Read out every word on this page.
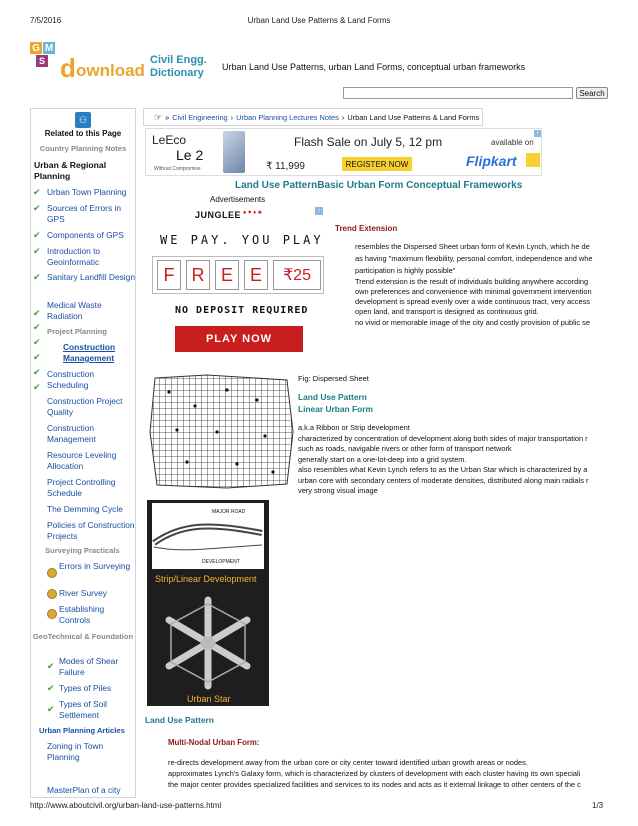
7/5/2016	Urban Land Use Patterns & Land Forms
G M
S d ownload
Civil Engg.
Dictionary Urban Land Use Patterns, urban Land Forms, conceptual urban frameworks
Search
☞ » Civil Engineering › Urban Planning Lectures Notes › Urban Land Use Patterns & Land Forms
LeEco
Le 2
Without Compromise
Flash Sale on July 5, 12 pm
₹ 11,999	REGISTER NOW
available on
Flipkart
i
Land Use PatternBasic Urban Form Conceptual Frameworks
Advertisements
JUNGLEE ♠ ♥ ♦ ♣	i
WE PAY. YOU PLAY
F R E E	₹25
NO DEPOSIT REQUIRED
PLAY NOW
Trend Extension
• resembles the Dispersed Sheet urban form of Kevin Lynch, which he de
as having "maximum flexibility, personal comfort, independence and whe
• participation is highly possible"
• Trend extension is the result of individuals building anywhere according
own preferences and convenience with minimal government intervention
• development is spread evenly over a wide continuous tract, very access
open land, and transport is designed as continuous grid.
• no vivid or memorable image of the city and costly provision of public se
Fig: Dispersed Sheet
Land Use Pattern
Linear Urban Form
a.k.a Ribbon or Strip development
characterized by concentration of development along both sides of major transportation r
such as roads, navigable rivers or other form of transport network
generally start on a one-lot-deep into a grid system.
also resembles what Kevin Lynch refers to as the Urban Star which is characterized by a
urban core with secondary centers of moderate densities, distributed along main radials r
• very strong visual image
MAJOR ROAD
DEVELOPMENT
Strip/Linear Development
Urban Star
Land Use Pattern
Multi-Nodal Urban Form:
• re-directs development away from the urban core or city center toward identified urban growth areas or nodes.
• approximates Lynch's Galaxy form, which is characterized by clusters of development with each cluster having its own speciali
• the major center provides specialized facilities and services to its nodes and acts as it external linkage to other centers of the c
⚇
Related to this Page
Country Planning Notes
Urban & Regional Planning
✔ Urban Town Planning
✔ Sources of Errors in GPS
✔ Components of GPS
✔ Introduction to Geoinformatic
✔ Sanitary Landfill Design
✔
Medical Waste Radiation
✔ Project Planning
✔	Construction Management
✔
✔ Construction Scheduling
✔
Construction Project Quality
Construction Management
Resource Leveling Allocation
Project Controlling Schedule
The Demming Cycle
Policies of Construction Projects
Surveying Practicals
Errors in Surveying
River Survey
Establishing Controls
GeoTechnical & Foundation
✔ Modes of Shear Failure
✔ Types of Piles
✔ Types of Soil Settlement
Urban Planning Articles
Zoning in Town Planning
MasterPlan of a city
http://www.aboutcivil.org/urban-land-use-patterns.html	1/3
